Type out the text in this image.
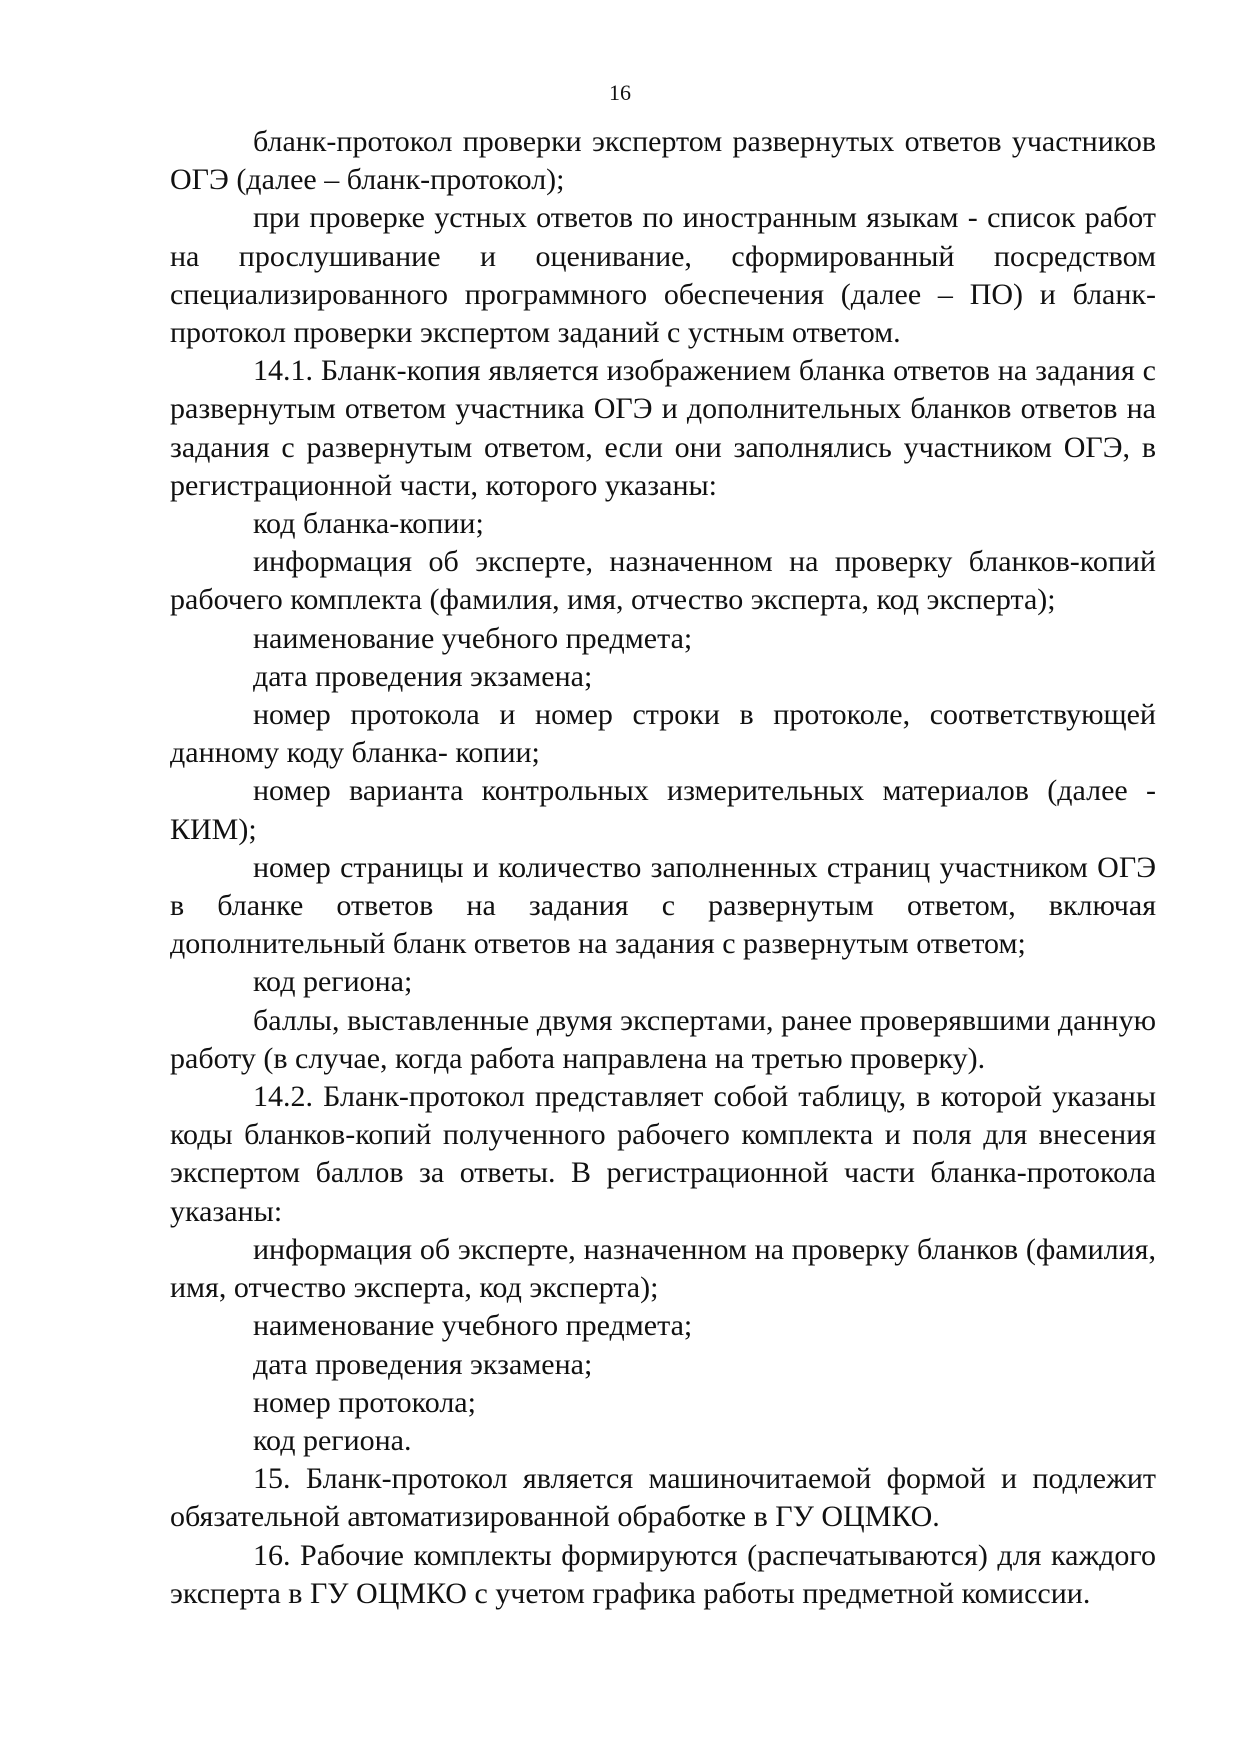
16

бланк-протокол проверки экспертом развернутых ответов участников ОГЭ (далее – бланк-протокол);

при проверке устных ответов по иностранным языкам - список работ на прослушивание и оценивание, сформированный посредством специализированного программного обеспечения (далее – ПО) и бланк-протокол проверки экспертом заданий с устным ответом.

14.1. Бланк-копия является изображением бланка ответов на задания с развернутым ответом участника ОГЭ и дополнительных бланков ответов на задания с развернутым ответом, если они заполнялись участником ОГЭ, в регистрационной части, которого указаны:

код бланка-копии;

информация об эксперте, назначенном на проверку бланков-копий рабочего комплекта (фамилия, имя, отчество эксперта, код эксперта);

наименование учебного предмета;

дата проведения экзамена;

номер протокола и номер строки в протоколе, соответствующей данному коду бланка- копии;

номер варианта контрольных измерительных материалов (далее - КИМ);

номер страницы и количество заполненных страниц участником ОГЭ в бланке ответов на задания с развернутым ответом, включая дополнительный бланк ответов на задания с развернутым ответом;

код региона;

баллы, выставленные двумя экспертами, ранее проверявшими данную работу (в случае, когда работа направлена на третью проверку).

14.2. Бланк-протокол представляет собой таблицу, в которой указаны коды бланков-копий полученного рабочего комплекта и поля для внесения экспертом баллов за ответы. В регистрационной части бланка-протокола указаны:

информация об эксперте, назначенном на проверку бланков (фамилия, имя, отчество эксперта, код эксперта);

наименование учебного предмета;

дата проведения экзамена;

номер протокола;

код региона.

15. Бланк-протокол является машиночитаемой формой и подлежит обязательной автоматизированной обработке в ГУ ОЦМКО.

16. Рабочие комплекты формируются (распечатываются) для каждого эксперта в ГУ ОЦМКО с учетом графика работы предметной комиссии.
